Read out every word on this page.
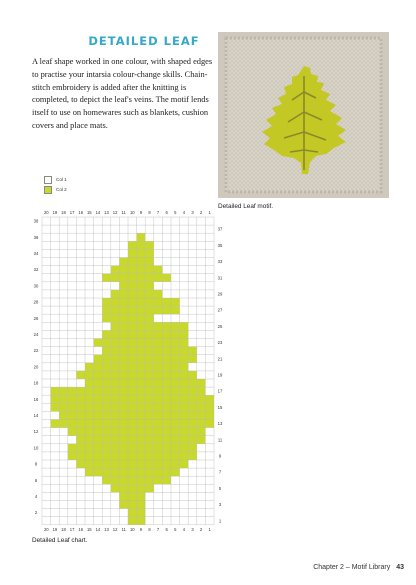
DETAILED LEAF

A leaf shape worked in one colour, with shaped edges to practise your intarsia colour-change skills. Chain-stitch embroidery is added after the knitting is completed, to depict the leaf's veins. The motif lends itself to use on homewares such as blankets, cushion covers and place mats.

Detailed Leaf motif.
Col 1
Col 2
20
20
19
19
18
18
17
17
16
16
15
15
14
14
13
13
12
12
11
11
10
10
9
9
8
8
7
7
6
6
5
5
4
4
3
3
2
2
1
1
37
35
33
31
29
27
25
23
21
19
17
15
13
11
9
7
5
3
1
38
36
34
32
30
28
26
24
22
20
18
16
14
12
10
8
6
4
2
Detailed Leaf chart.
Chapter 2 – Motif Library 43
